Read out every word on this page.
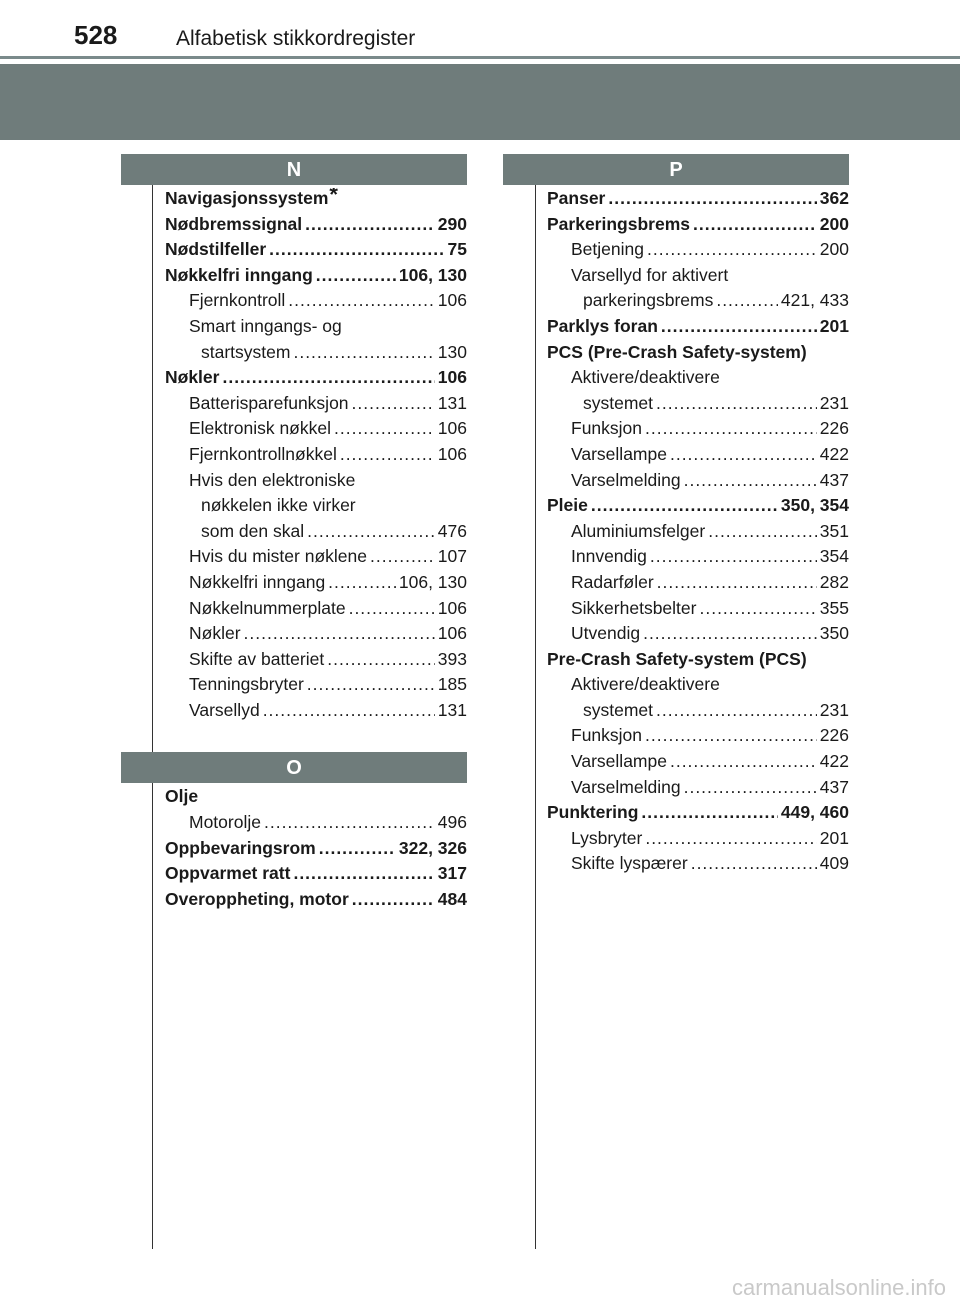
528	Alfabetisk stikkordregister
N
Navigasjonssystem*
Nødbremssignal .....	290
Nødstilfeller .....	75
Nøkkelfri inngang .....	106, 130
Fjernkontroll .....	106
Smart inngangs- og
startsystem .....	130
Nøkler .....	106
Batterisparefunksjon .....	131
Elektronisk nøkkel .....	106
Fjernkontrollnøkkel .....	106
Hvis den elektroniske
nøkkelen ikke virker
som den skal .....	476
Hvis du mister nøklene .....	107
Nøkkelfri inngang .....	106, 130
Nøkkelnummerplate .....	106
Nøkler .....	106
Skifte av batteriet .....	393
Tenningsbryter .....	185
Varsellyd .....	131
O
Olje
Motorolje .....	496
Oppbevaringsrom .....	322, 326
Oppvarmet ratt .....	317
Overoppheting, motor .....	484
P
Panser .....	362
Parkeringsbrems .....	200
Betjening .....	200
Varsellyd for aktivert
parkeringsbrems .....	421, 433
Parklys foran .....	201
PCS (Pre-Crash Safety-system)
Aktivere/deaktivere
systemet .....	231
Funksjon .....	226
Varsellampe .....	422
Varselmelding .....	437
Pleie .....	350, 354
Aluminiumsfelger .....	351
Innvendig .....	354
Radarføler .....	282
Sikkerhetsbelter .....	355
Utvendig .....	350
Pre-Crash Safety-system (PCS)
Aktivere/deaktivere
systemet .....	231
Funksjon .....	226
Varsellampe .....	422
Varselmelding .....	437
Punktering .....	449, 460
Lysbryter .....	201
Skifte lyspærer .....	409
carmanualsonline.info
